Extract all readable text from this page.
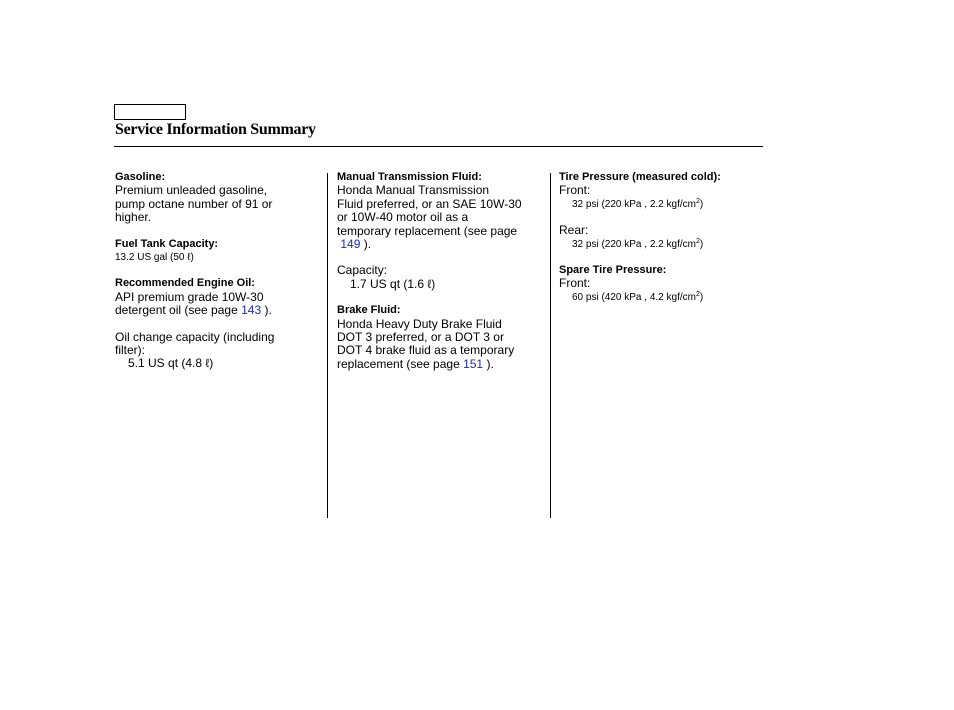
Service Information Summary
Gasoline:
Premium unleaded gasoline,
pump octane number of 91 or
higher.
Fuel Tank Capacity:
13.2 US gal (50 ℓ)
Recommended Engine Oil:
API premium grade 10W-30
detergent oil (see page 143 ).
Oil change capacity (including
filter):
5.1 US qt (4.8 ℓ)
Manual Transmission Fluid:
Honda Manual Transmission
Fluid preferred, or an SAE 10W-30
or 10W-40 motor oil as a
temporary replacement (see page
149 ).
Capacity:
1.7 US qt (1.6 ℓ)
Brake Fluid:
Honda Heavy Duty Brake Fluid
DOT 3 preferred, or a DOT 3 or
DOT 4 brake fluid as a temporary
replacement (see page 151 ).
Tire Pressure (measured cold):
Front:
32 psi (220 kPa , 2.2 kgf/$cm^2$)
Rear:
32 psi (220 kPa , 2.2 kgf/$cm^2$)
Spare Tire Pressure:
Front:
60 psi (420 kPa , 4.2 kgf/$cm^2$)
